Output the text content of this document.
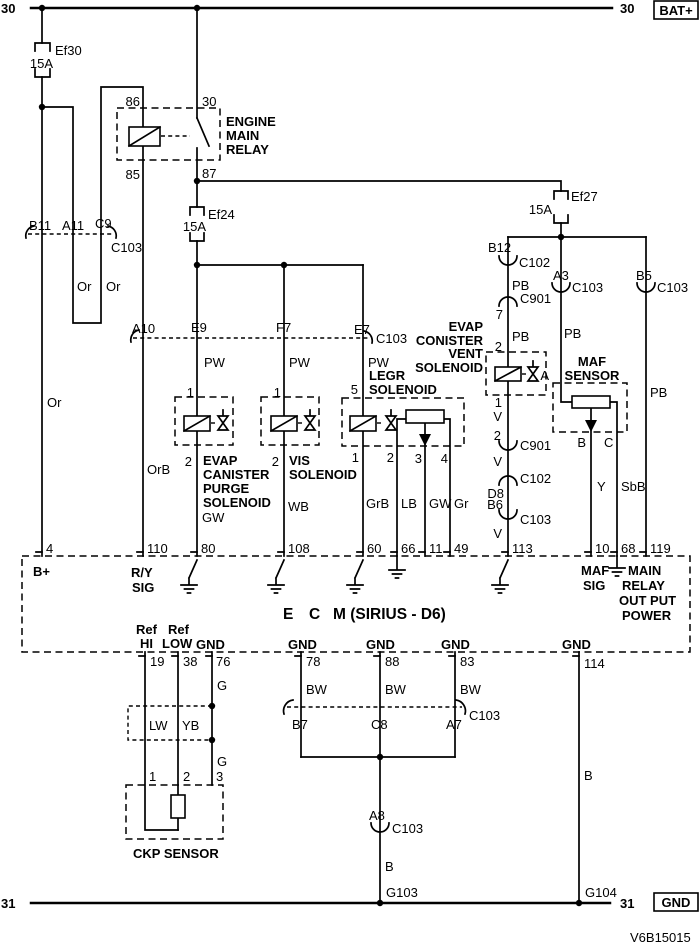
30	30 BAT+
31	31 GND
V6B15015
Ef30
15A
Ef24
15A
Ef27
15A
86	30
85	87
ENGINE
MAIN
RELAY
B11 A11 C9
C103
Or Or
Or
A10	E9	F7	E7
C103
OrB
PW	PW	PW
1
2 EVAP
CANISTER
PURGE
SOLENOID
GW
1
2 VIS
SOLENOID
WB
LEGR
SOLENOID
5
1 2 3 4
GrB LB GW Gr
B12
C102
PB
7
C901
PB
2
EVAP
CONISTER
VENT
SOLENOID
1
V
2
C901
V
C102
D8
B6
C103
V
A3
C103
PB
A
MAF
SENSOR
B C
Y SbB
B5
C103
PB
4	110	80	108	60 66 11 49	113	10 68 119
B+	R/Y
SIG
MAF
SIG
MAIN
RELAY
OUT PUT
POWER
E C M (SIRIUS - D6)
Ref
HI
Ref
LOW GND	GND	GND	GND	GND
19 38 76	78	88	83	114
G
LW YB
G
1 2 3
CKP SENSOR
BW	BW	BW
B7	C8	A7
C103
A8
C103
B
G103
B
G104
